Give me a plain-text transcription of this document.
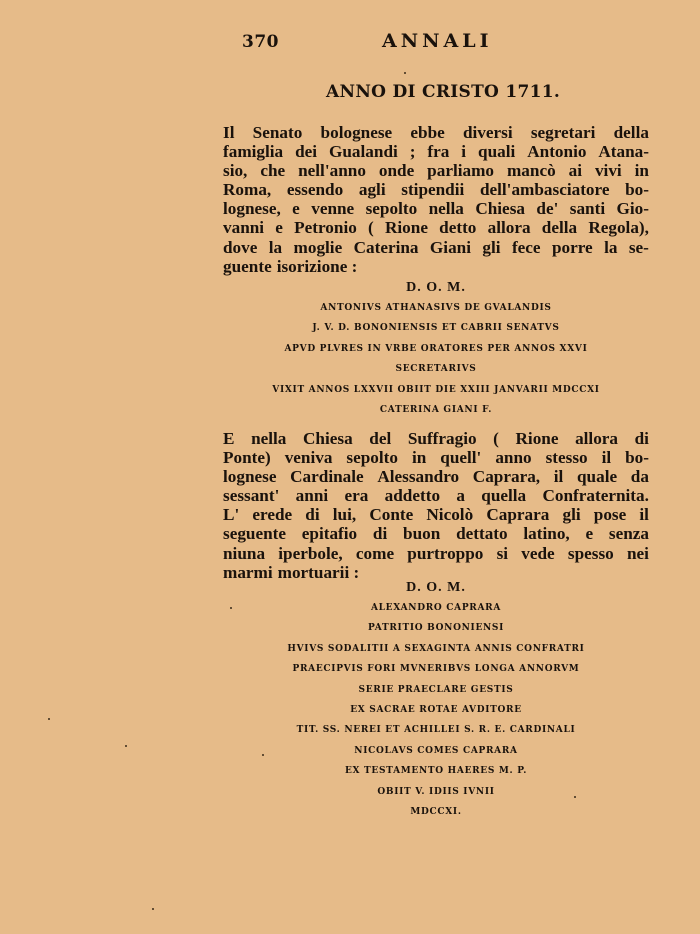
370	ANNALI
ANNO DI CRISTO 1711.
Il Senato bolognese ebbe diversi segretari della
famiglia dei Gualandi ; fra i quali Antonio Atana-
sio, che nell'anno onde parliamo mancò ai vivi in
Roma, essendo agli stipendii dell'ambasciatore bo-
lognese, e venne sepolto nella Chiesa de' santi Gio-
vanni e Petronio ( Rione detto allora della Regola),
dove la moglie Caterina Giani gli fece porre la se-
guente isorizione :
D. O. M.
ANTONIVS ATHANASIVS DE GVALANDIS
J. V. D. BONONIENSIS ET CABRII SENATVS
APVD PLVRES IN VRBE ORATORES PER ANNOS XXVI
SECRETARIVS
VIXIT ANNOS LXXVII OBIIT DIE XXIII JANVARII MDCCXI
CATERINA GIANI F.
E nella Chiesa del Suffragio ( Rione allora di
Ponte) veniva sepolto in quell' anno stesso il bo-
lognese Cardinale Alessandro Caprara, il quale da
sessant' anni era addetto a quella Confraternita.
L' erede di lui, Conte Nicolò Caprara gli pose il
seguente epitafio di buon dettato latino, e senza
niuna iperbole, come purtroppo si vede spesso nei
marmi mortuarii :
D. O. M.
ALEXANDRO CAPRARA
PATRITIO BONONIENSI
HVIVS SODALITII A SEXAGINTA ANNIS CONFRATRI
PRAECIPVIS FORI MVNERIBVS LONGA ANNORVM
SERIE PRAECLARE GESTIS
EX SACRAE ROTAE AVDITORE
TIT. SS. NEREI ET ACHILLEI S. R. E. CARDINALI
NICOLAVS COMES CAPRARA
EX TESTAMENTO HAERES M. P.
OBIIT V. IDIIS IVNII
MDCCXI.
